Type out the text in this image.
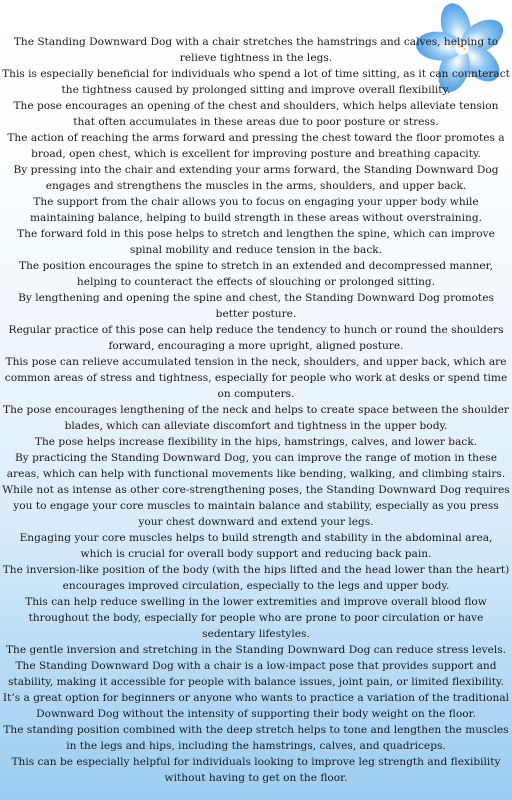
The Standing Downward Dog with a chair stretches the hamstrings and calves, helping to relieve tightness in the legs.

This is especially beneficial for individuals who spend a lot of time sitting, as it can counteract the tightness caused by prolonged sitting and improve overall flexibility.

The pose encourages an opening of the chest and shoulders, which helps alleviate tension that often accumulates in these areas due to poor posture or stress.

The action of reaching the arms forward and pressing the chest toward the floor promotes a broad, open chest, which is excellent for improving posture and breathing capacity.

By pressing into the chair and extending your arms forward, the Standing Downward Dog engages and strengthens the muscles in the arms, shoulders, and upper back.

The support from the chair allows you to focus on engaging your upper body while maintaining balance, helping to build strength in these areas without overstraining.

The forward fold in this pose helps to stretch and lengthen the spine, which can improve spinal mobility and reduce tension in the back.

The position encourages the spine to stretch in an extended and decompressed manner, helping to counteract the effects of slouching or prolonged sitting.

By lengthening and opening the spine and chest, the Standing Downward Dog promotes better posture.

Regular practice of this pose can help reduce the tendency to hunch or round the shoulders forward, encouraging a more upright, aligned posture.

This pose can relieve accumulated tension in the neck, shoulders, and upper back, which are common areas of stress and tightness, especially for people who work at desks or spend time on computers.

The pose encourages lengthening of the neck and helps to create space between the shoulder blades, which can alleviate discomfort and tightness in the upper body.

The pose helps increase flexibility in the hips, hamstrings, calves, and lower back.

By practicing the Standing Downward Dog, you can improve the range of motion in these areas, which can help with functional movements like bending, walking, and climbing stairs.

While not as intense as other core-strengthening poses, the Standing Downward Dog requires you to engage your core muscles to maintain balance and stability, especially as you press your chest downward and extend your legs.

Engaging your core muscles helps to build strength and stability in the abdominal area, which is crucial for overall body support and reducing back pain.

The inversion-like position of the body (with the hips lifted and the head lower than the heart) encourages improved circulation, especially to the legs and upper body.

This can help reduce swelling in the lower extremities and improve overall blood flow throughout the body, especially for people who are prone to poor circulation or have sedentary lifestyles.

The gentle inversion and stretching in the Standing Downward Dog can reduce stress levels.

The Standing Downward Dog with a chair is a low-impact pose that provides support and stability, making it accessible for people with balance issues, joint pain, or limited flexibility.

It’s a great option for beginners or anyone who wants to practice a variation of the traditional Downward Dog without the intensity of supporting their body weight on the floor.

The standing position combined with the deep stretch helps to tone and lengthen the muscles in the legs and hips, including the hamstrings, calves, and quadriceps.

This can be especially helpful for individuals looking to improve leg strength and flexibility without having to get on the floor.
